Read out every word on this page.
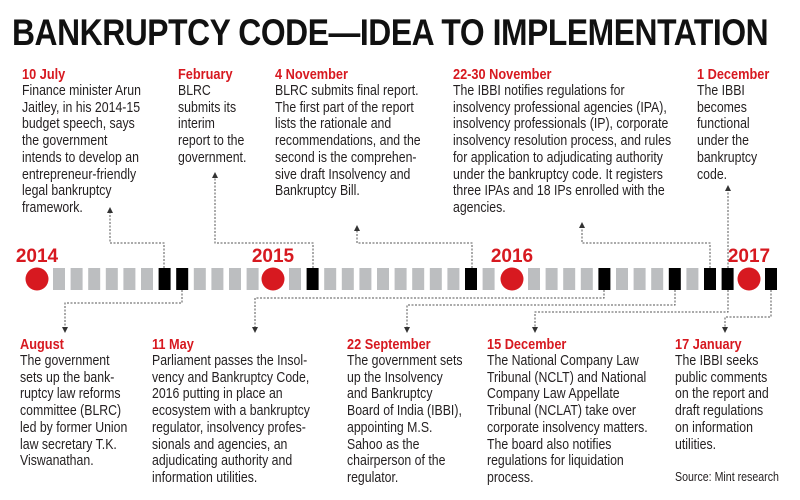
BANKRUPTCY CODE—IDEA TO IMPLEMENTATION
2014	2015	2016	2017
10 July
Finance minister Arun
Jaitley, in his 2014-15
budget speech, says
the government
intends to develop an
entrepreneur-friendly
legal bankruptcy
framework.
February
BLRC
submits its
interim
report to the
government.
4 November
BLRC submits final report.
The first part of the report
lists the rationale and
recommendations, and the
second is the comprehen-
sive draft Insolvency and
Bankruptcy Bill.
22-30 November
The IBBI notifies regulations for
insolvency professional agencies (IPA),
insolvency professionals (IP), corporate
insolvency resolution process, and rules
for application to adjudicating authority
under the bankruptcy code. It registers
three IPAs and 18 IPs enrolled with the
agencies.
1 December
The IBBI
becomes
functional
under the
bankruptcy
code.
August
The government
sets up the bank-
ruptcy law reforms
committee (BLRC)
led by former Union
law secretary T.K.
Viswanathan.
11 May
Parliament passes the Insol-
vency and Bankruptcy Code,
2016 putting in place an
ecosystem with a bankruptcy
regulator, insolvency profes-
sionals and agencies, an
adjudicating authority and
information utilities.
22 September
The government sets
up the Insolvency
and Bankruptcy
Board of India (IBBI),
appointing M.S.
Sahoo as the
chairperson of the
regulator.
15 December
The National Company Law
Tribunal (NCLT) and National
Company Law Appellate
Tribunal (NCLAT) take over
corporate insolvency matters.
The board also notifies
regulations for liquidation
process.
17 January
The IBBI seeks
public comments
on the report and
draft regulations
on information
utilities.
Source: Mint research
